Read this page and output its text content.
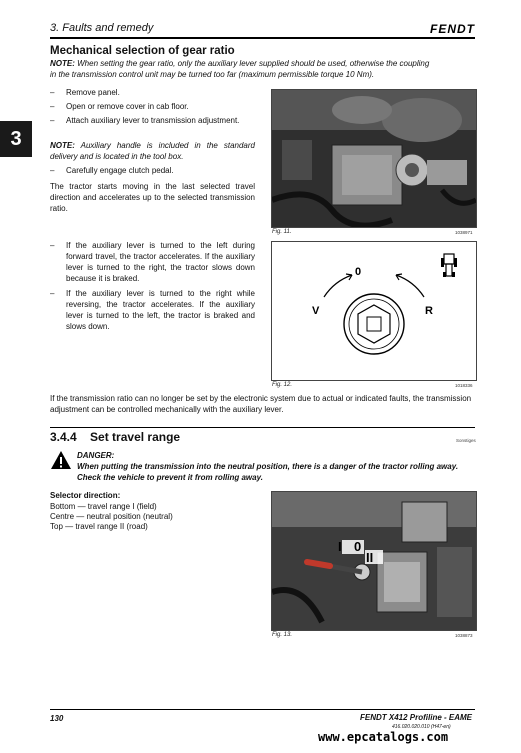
3. Faults and remedy	FENDT
3
Mechanical selection of gear ratio
NOTE: When setting the gear ratio, only the auxiliary lever supplied should be used, otherwise the coupling
in the transmission control unit may be turned too far (maximum permissible torque 10 Nm).
–	Remove panel.
–	Open or remove cover in cab floor.
–	Attach auxiliary lever to transmission adjustment.
NOTE: Auxiliary handle is included in the standard delivery and is located in the tool box.
–	Carefully engage clutch pedal.
The tractor starts moving in the last selected travel direction and accelerates up to the selected transmission ratio.
–	If the auxiliary lever is turned to the left during forward travel, the tractor accelerates. If the auxiliary lever is turned to the right, the tractor slows down because it is braked.
–	If the auxiliary lever is turned to the right while reversing, the tractor accelerates. If the auxiliary lever is turned to the left, the tractor is braked and slows down.
Fig. 11.	1038971
V
0
R
Fig. 12.	1018336
If the transmission ratio can no longer be set by the electronic system due to actual or indicated faults, the transmission adjustment can be controlled mechanically with the auxiliary lever.
3.4.4 Set travel range	Sonstiges
DANGER:
When putting the transmission into the neutral position, there is a danger of the tractor rolling away. Check the vehicle to prevent it from rolling away.
Selector direction:
Bottom — travel range I (field)
Centre — neutral position (neutral)
Top — travel range II (road)
I 0
II
Fig. 13.	1038873
130	FENDT X412 Profiline - EAME
416.020.020.010 (H47-en)
www.epcatalogs.com
